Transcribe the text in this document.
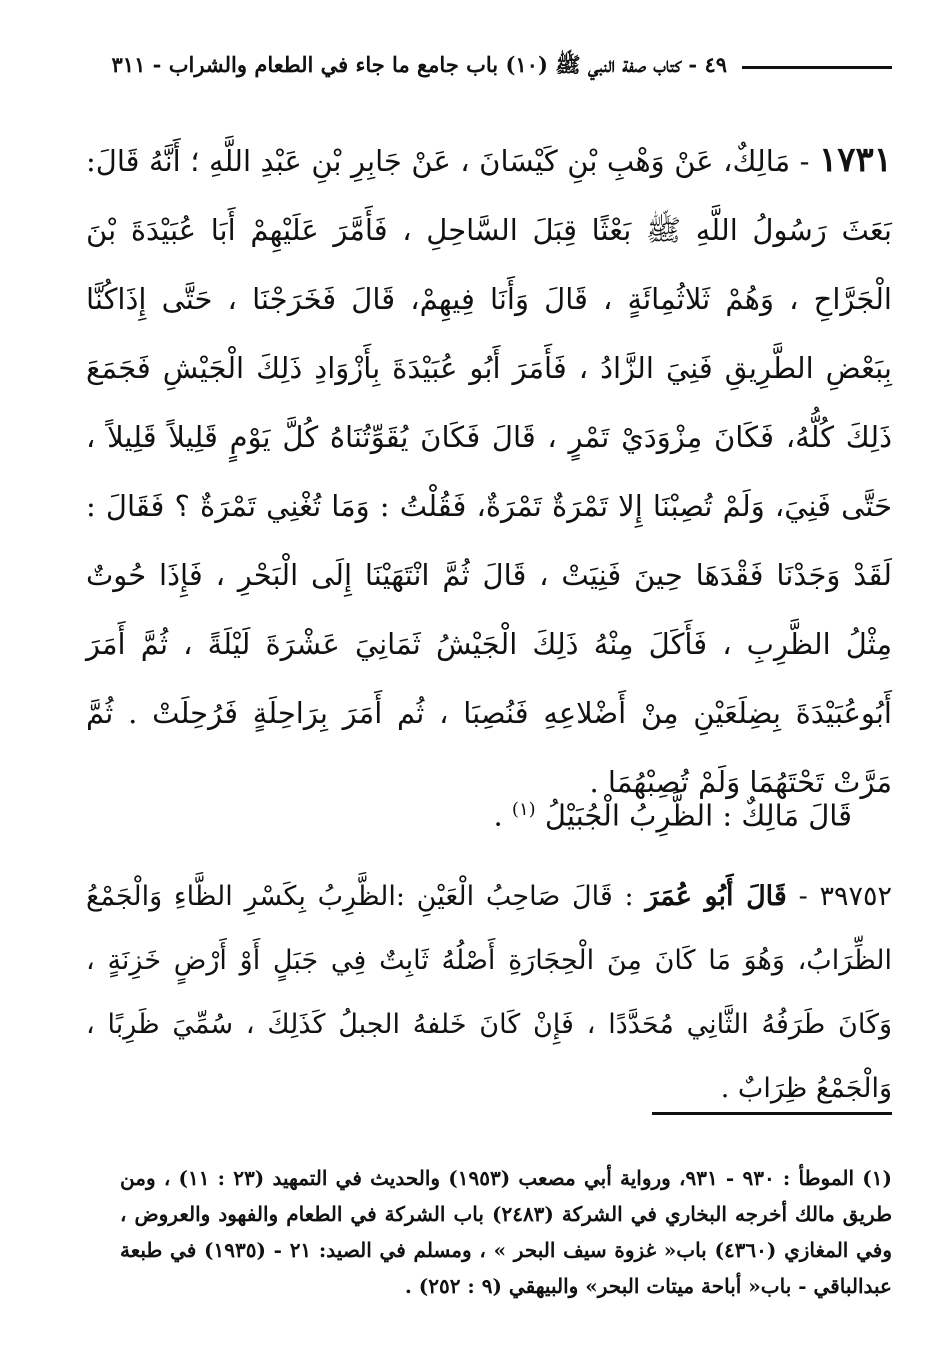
٤٩ - كتاب صفة النبي ﷺ (١٠) باب جامع ما جاء في الطعام والشراب - ٣١١

١٧٣١ - مَالِكٌ، عَنْ وَهْبِ بْنِ كَيْسَانَ ، عَنْ جَابِرِ بْنِ عَبْدِ اللَّهِ ؛ أَنَّهُ قَالَ: بَعَثَ رَسُولُ اللَّهِ ﷺ بَعْثًا قِبَلَ السَّاحِلِ ، فَأَمَّرَ عَلَيْهِمْ أَبَا عُبَيْدَةَ بْنَ الْجَرَّاحِ ، وَهُمْ ثَلاثُمِائَةٍ ، قَالَ وَأَنَا فِيهِمْ، قَالَ فَخَرَجْنَا ، حَتَّى إِذَاكُنَّا بِبَعْضِ الطَّرِيقِ فَنِيَ الزَّادُ ، فَأَمَرَ أَبُو عُبَيْدَةَ بِأَزْوَادِ ذَلِكَ الْجَيْشِ فَجَمَعَ ذَلِكَ كُلُّهُ، فَكَانَ مِزْوَدَيْ تَمْرٍ ، قَالَ فَكَانَ يُقَوِّتُنَاهُ كُلَّ يَوْمٍ قَلِيلاً قَلِيلاً ، حَتَّى فَنِيَ، وَلَمْ تُصِبْنَا إِلا تَمْرَةٌ تَمْرَةٌ، فَقُلْتُ : وَمَا تُغْنِي تَمْرَةٌ ؟ فَقَالَ : لَقَدْ وَجَدْنَا فَقْدَهَا حِينَ فَنِيَتْ ، قَالَ ثُمَّ انْتَهَيْنَا إِلَى الْبَحْرِ ، فَإِذَا حُوتٌ مِثْلُ الظَّرِبِ ، فَأَكَلَ مِنْهُ ذَلِكَ الْجَيْشُ ثَمَانِيَ عَشْرَةَ لَيْلَةً ، ثُمَّ أَمَرَ أَبُوعُبَيْدَةَ بِضِلَعَيْنِ مِنْ أَضْلاعِهِ فَنُصِبَا ، ثُم أَمَرَ بِرَاحِلَةٍ فَرُحِلَتْ . ثُمَّ مَرَّتْ تَحْتَهُمَا وَلَمْ تُصِبْهُمَا .

قَالَ مَالِكٌ : الظَّرِبُ الْجُبَيْلُ $^{(١)}$ .
٣٩٧٥٢ - قَالَ أَبُو عُمَرَ : قَالَ صَاحِبُ الْعَيْنِ :الظَّرِبُ بِكَسْرِ الظَّاءِ وَالْجَمْعُ الظِّرَابُ، وَهُوَ مَا كَانَ مِنَ الْحِجَارَةِ أَصْلُهُ ثَابِتٌ فِي جَبَلٍ أَوْ أَرْضٍ خَزِنَةٍ ، وَكَانَ طَرَفُهُ الثَّانِي مُحَدَّدًا ، فَإِنْ كَانَ خَلفهُ الجبلُ كَذَلِكَ ، سُمِّيَ ظَرِبًا ، وَالْجَمْعُ ظِرَابٌ .
(١) الموطأ : ٩٣٠ - ٩٣١، ورواية أبي مصعب (١٩٥٣) والحديث في التمهيد (٢٣ : ١١) ، ومن طريق مالك أخرجه البخاري في الشركة (٢٤٨٣) باب الشركة في الطعام والفهود والعروض ، وفي المغازي (٤٣٦٠) باب« غزوة سيف البحر » ، ومسلم في الصيد: ٢١ - (١٩٣٥) في طبعة عبدالباقي - باب« أباحة ميتات البحر» والبيهقي (٩ : ٢٥٢) .
